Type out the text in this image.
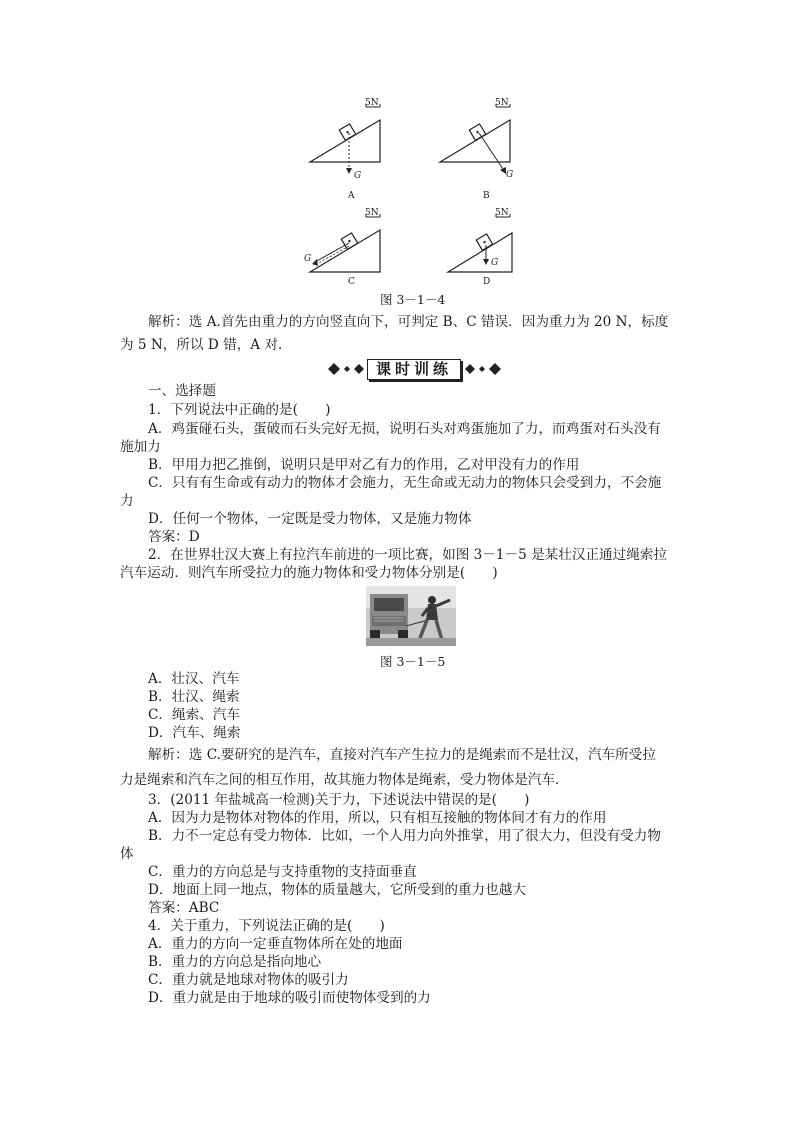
5N	5N
5N	5N
G	G
G	G
A	B
C	D
图 3－1－4
解析：选 A.首先由重力的方向竖直向下，可判定 B、C 错误．因为重力为 20 N，标度
为 5 N，所以 D 错，A 对．
课时训练
一、选择题
1．下列说法中正确的是(　　)
A．鸡蛋碰石头，蛋破而石头完好无损，说明石头对鸡蛋施加了力，而鸡蛋对石头没有
施加力
B．甲用力把乙推倒，说明只是甲对乙有力的作用，乙对甲没有力的作用
C．只有有生命或有动力的物体才会施力，无生命或无动力的物体只会受到力，不会施
力
D．任何一个物体，一定既是受力物体，又是施力物体
答案：D
2．在世界壮汉大赛上有拉汽车前进的一项比赛，如图 3－1－5 是某壮汉正通过绳索拉
汽车运动．则汽车所受拉力的施力物体和受力物体分别是(　　)
图 3－1－5
A．壮汉、汽车
B．壮汉、绳索
C．绳索、汽车
D．汽车、绳索
解析：选 C.要研究的是汽车，直接对汽车产生拉力的是绳索而不是壮汉，汽车所受拉
力是绳索和汽车之间的相互作用，故其施力物体是绳索，受力物体是汽车．
3．(2011 年盐城高一检测)关于力，下述说法中错误的是(　　)
A．因为力是物体对物体的作用，所以，只有相互接触的物体间才有力的作用
B．力不一定总有受力物体．比如，一个人用力向外推掌，用了很大力，但没有受力物
体
C．重力的方向总是与支持重物的支持面垂直
D．地面上同一地点，物体的质量越大，它所受到的重力也越大
答案：ABC
4．关于重力，下列说法正确的是(　　)
A．重力的方向一定垂直物体所在处的地面
B．重力的方向总是指向地心
C．重力就是地球对物体的吸引力
D．重力就是由于地球的吸引而使物体受到的力
